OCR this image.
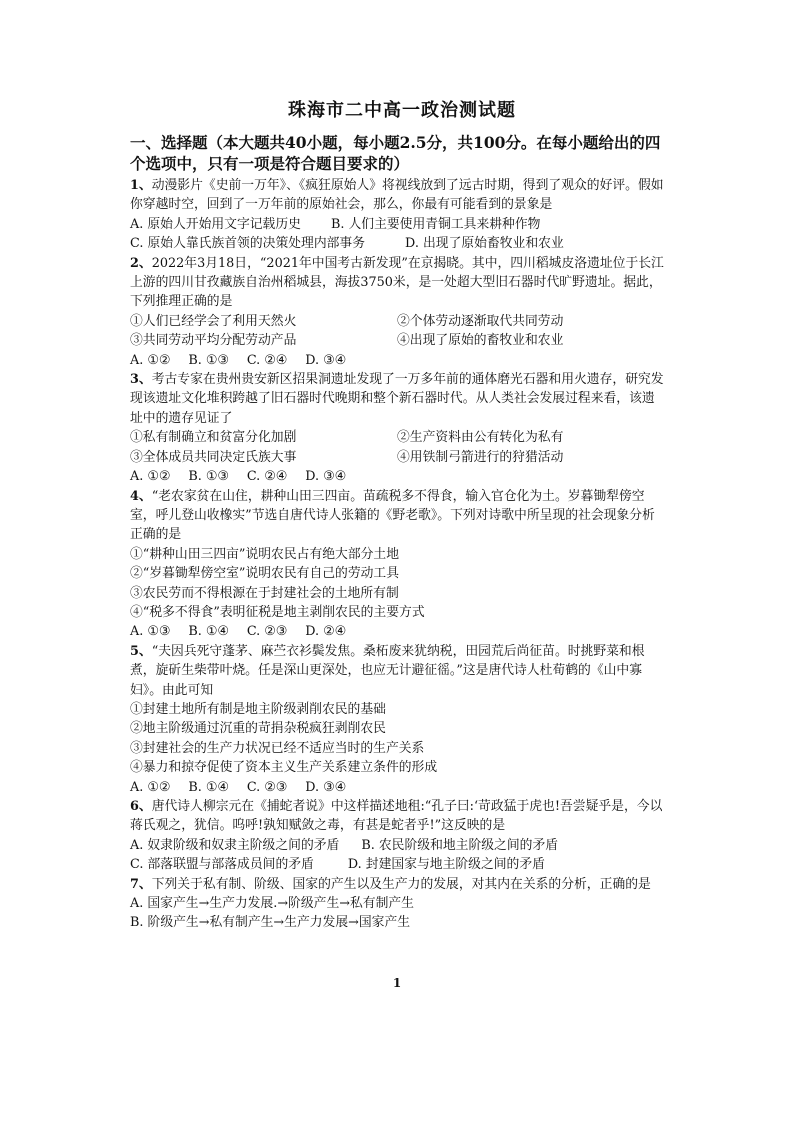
珠海市二中高一政治测试题
一、选择题（本大题共40小题，每小题2.5分，共100分。在每小题给出的四个选项中，只有一项是符合题目要求的）

1、动漫影片《史前一万年》、《疯狂原始人》将视线放到了远古时期，得到了观众的好评。假如你穿越时空，回到了一万年前的原始社会，那么，你最有可能看到的景象是

A. 原始人开始用文字记载历史 B. 人们主要使用青铜工具来耕种作物
C. 原始人靠氏族首领的决策处理内部事务	D. 出现了原始畜牧业和农业

2、2022年3月18日，“2021年中国考古新发现”在京揭晓。其中，四川稻城皮洛遗址位于长江上游的四川甘孜藏族自治州稻城县，海拔3750米，是一处超大型旧石器时代旷野遗址。据此，下列推理正确的是

①人们已经学会了利用天然火	②个体劳动逐渐取代共同劳动
③共同劳动平均分配劳动产品	④出现了原始的畜牧业和农业
A. ①② B. ①③ C. ②④ D. ③④

3、考古专家在贵州贵安新区招果洞遗址发现了一万多年前的通体磨光石器和用火遗存，研究发现该遗址文化堆积跨越了旧石器时代晚期和整个新石器时代。从人类社会发展过程来看，该遗址中的遗存见证了

①私有制确立和贫富分化加剧	②生产资料由公有转化为私有
③全体成员共同决定氏族大事	④用铁制弓箭进行的狩猎活动
A. ①② B. ①③ C. ②④ D. ③④

4、“老农家贫在山住，耕种山田三四亩。苗疏税多不得食，输入官仓化为土。岁暮锄犁傍空室，呼儿登山收橡实”节选自唐代诗人张籍的《野老歌》。下列对诗歌中所呈现的社会现象分析正确的是

①“耕种山田三四亩”说明农民占有绝大部分土地
②“岁暮锄犁傍空室”说明农民有自己的劳动工具
③农民劳而不得根源在于封建社会的土地所有制
④“税多不得食”表明征税是地主剥削农民的主要方式
A. ①③ B. ①④ C. ②③ D. ②④

5、“夫因兵死守蓬茅、麻苎衣衫鬓发焦。桑柘废来犹纳税，田园荒后尚征苗。时挑野菜和根煮，旋斫生柴带叶烧。任是深山更深处，也应无计避征徭。”这是唐代诗人杜荀鹤的《山中寡妇》。由此可知

①封建土地所有制是地主阶级剥削农民的基础
②地主阶级通过沉重的苛捐杂税疯狂剥削农民
③封建社会的生产力状况已经不适应当时的生产关系
④暴力和掠夺促使了资本主义生产关系建立条件的形成
A. ①② B. ①④ C. ②③ D. ③④

6、唐代诗人柳宗元在《捕蛇者说》中这样描述地租:“孔子曰:‘苛政猛于虎也!吾尝疑乎是，今以蒋氏观之，犹信。呜呼!孰知赋敛之毒，有甚是蛇者乎!”这反映的是

A. 奴隶阶级和奴隶主阶级之间的矛盾 B. 农民阶级和地主阶级之间的矛盾
C. 部落联盟与部落成员间的矛盾	D. 封建国家与地主阶级之间的矛盾

7、下列关于私有制、阶级、国家的产生以及生产力的发展，对其内在关系的分析，正确的是

A. 国家产生→生产力发展.→阶级产生→私有制产生
B. 阶级产生→私有制产生→生产力发展→国家产生
1
